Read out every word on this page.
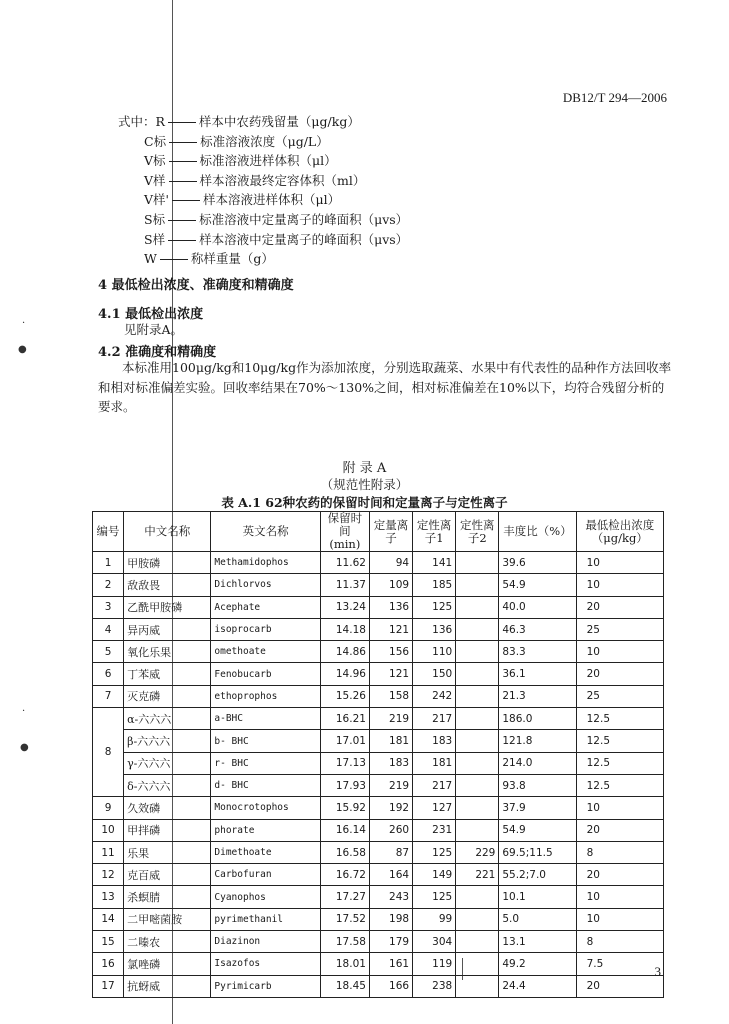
·
●
·
●
DB12/T 294—2006
式中：R	样本中农药残留量（μg/kg）
C标	标准溶液浓度（μg/L）
V标	标准溶液进样体积（μl）
V样	样本溶液最终定容体积（ml）
V样'	样本溶液进样体积（μl）
S标	标准溶液中定量离子的峰面积（μvs）
S样	样本溶液中定量离子的峰面积（μvs）
W	称样重量（g）
4 最低检出浓度、准确度和精确度
4.1 最低检出浓度
见附录A。
4.2 准确度和精确度
本标准用100μg/kg和10μg/kg作为添加浓度，分别选取蔬菜、水果中有代表性的品种作方法回收率和相对标准偏差实验。回收率结果在70%～130%之间，相对标准偏差在10%以下，均符合残留分析的要求。
附 录 A
（规范性附录）
表 A.1 62种农药的保留时间和定量离子与定性离子
编号	中文名称	英文名称	保留时间(min)	定量离子	定性离子1	定性离子2	丰度比（%）	最低检出浓度（μg/kg）
1	甲胺磷	Methamidophos	11.62	94	141		39.6	10
2	敌敌畏	Dichlorvos	11.37	109	185		54.9	10
3	乙酰甲胺磷	Acephate	13.24	136	125		40.0	20
4	异丙威	isoprocarb	14.18	121	136		46.3	25
5	氧化乐果	omethoate	14.86	156	110		83.3	10
6	丁苯威	Fenobucarb	14.96	121	150		36.1	20
7	灭克磷	ethoprophos	15.26	158	242		21.3	25
8	α-六六六	a-BHC	16.21	219	217		186.0	12.5
	β-六六六	b- BHC	17.01	181	183		121.8	12.5
	γ-六六六	r- BHC	17.13	183	181		214.0	12.5
	δ-六六六	d- BHC	17.93	219	217		93.8	12.5
9	久效磷	Monocrotophos	15.92	192	127		37.9	10
10	甲拌磷	phorate	16.14	260	231		54.9	20
11	乐果	Dimethoate	16.58	87	125	229	69.5;11.5	8
12	克百威	Carbofuran	16.72	164	149	221	55.2;7.0	20
13	杀螟腈	Cyanophos	17.27	243	125		10.1	10
14	二甲嘧菌胺	pyrimethanil	17.52	198	99		5.0	10
15	二嗪农	Diazinon	17.58	179	304		13.1	8
16	氯唑磷	Isazofos	18.01	161	119		49.2	7.5
17	抗蚜威	Pyrimicarb	18.45	166	238		24.4	20
3
